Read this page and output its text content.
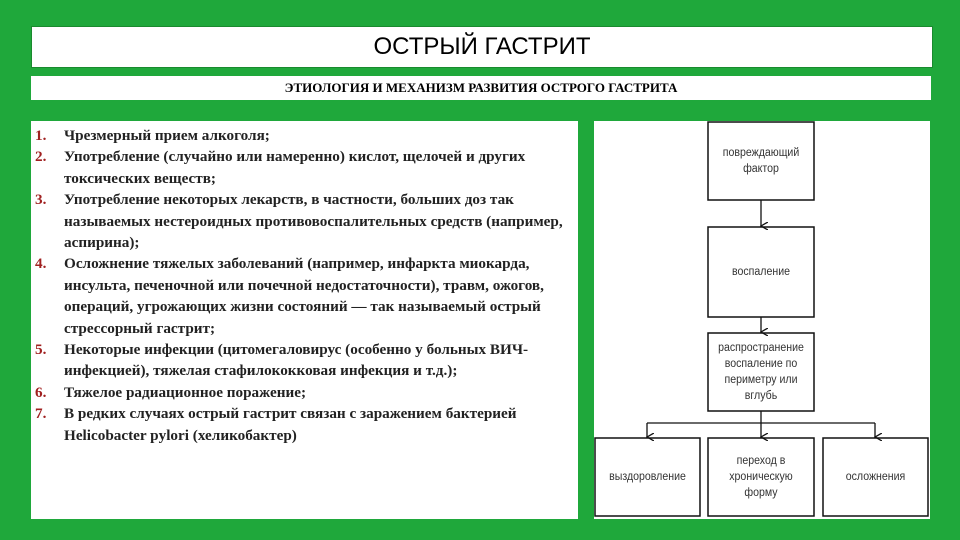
ОСТРЫЙ ГАСТРИТ
ЭТИОЛОГИЯ И МЕХАНИЗМ РАЗВИТИЯ ОСТРОГО ГАСТРИТА
1.	Чрезмерный прием алкоголя;
2.	Употребление (случайно или намеренно) кислот, щелочей и других токсических веществ;
3.	Употребление некоторых лекарств, в частности, больших доз так называемых нестероидных противовоспалительных средств (например, аспирина);
4.	Осложнение тяжелых заболеваний (например, инфаркта миокарда, инсульта, печеночной или почечной недостаточности), травм, ожогов, операций, угрожающих жизни состояний — так называемый острый стрессорный гастрит;
5.	Некоторые инфекции (цитомегаловирус (особенно у больных ВИЧ-инфекцией), тяжелая стафилококковая инфекция и т.д.);
6.	Тяжелое радиационное поражение;
7.	В редких случаях острый гастрит связан с заражением бактерией Helicobacter pylori (хеликобактер)
повреждающий фактор
воспаление
распространение воспаление по периметру или вглубь
выздоровление
переход в хроническую форму
осложнения
